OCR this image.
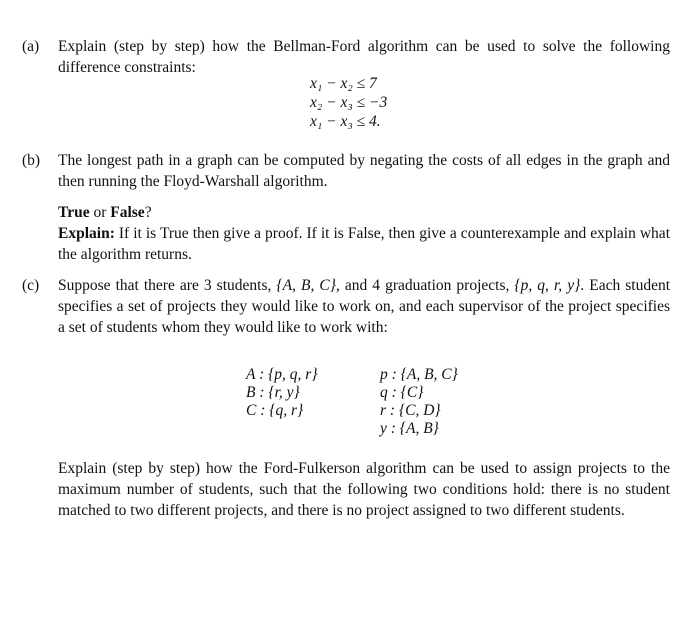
(a) Explain (step by step) how the Bellman-Ford algorithm can be used to solve the following difference constraints:
x₁ − x₂ ≤ 7
x₂ − x₃ ≤ −3
x₁ − x₃ ≤ 4.
(b) The longest path in a graph can be computed by negating the costs of all edges in the graph and then running the Floyd-Warshall algorithm.

True or False?

Explain: If it is True then give a proof. If it is False, then give a counterexample and explain what the algorithm returns.

(c) Suppose that there are 3 students, {A, B, C}, and 4 graduation projects, {p, q, r, y}. Each student specifies a set of projects they would like to work on, and each supervisor of the project specifies a set of students whom they would like to work with:
A : {p, q, r}
B : {r, y}
C : {q, r}
p : {A, B, C}
q : {C}
r : {C, D}
y : {A, B}
Explain (step by step) how the Ford-Fulkerson algorithm can be used to assign projects to the maximum number of students, such that the following two conditions hold: there is no student matched to two different projects, and there is no project assigned to two different students.
